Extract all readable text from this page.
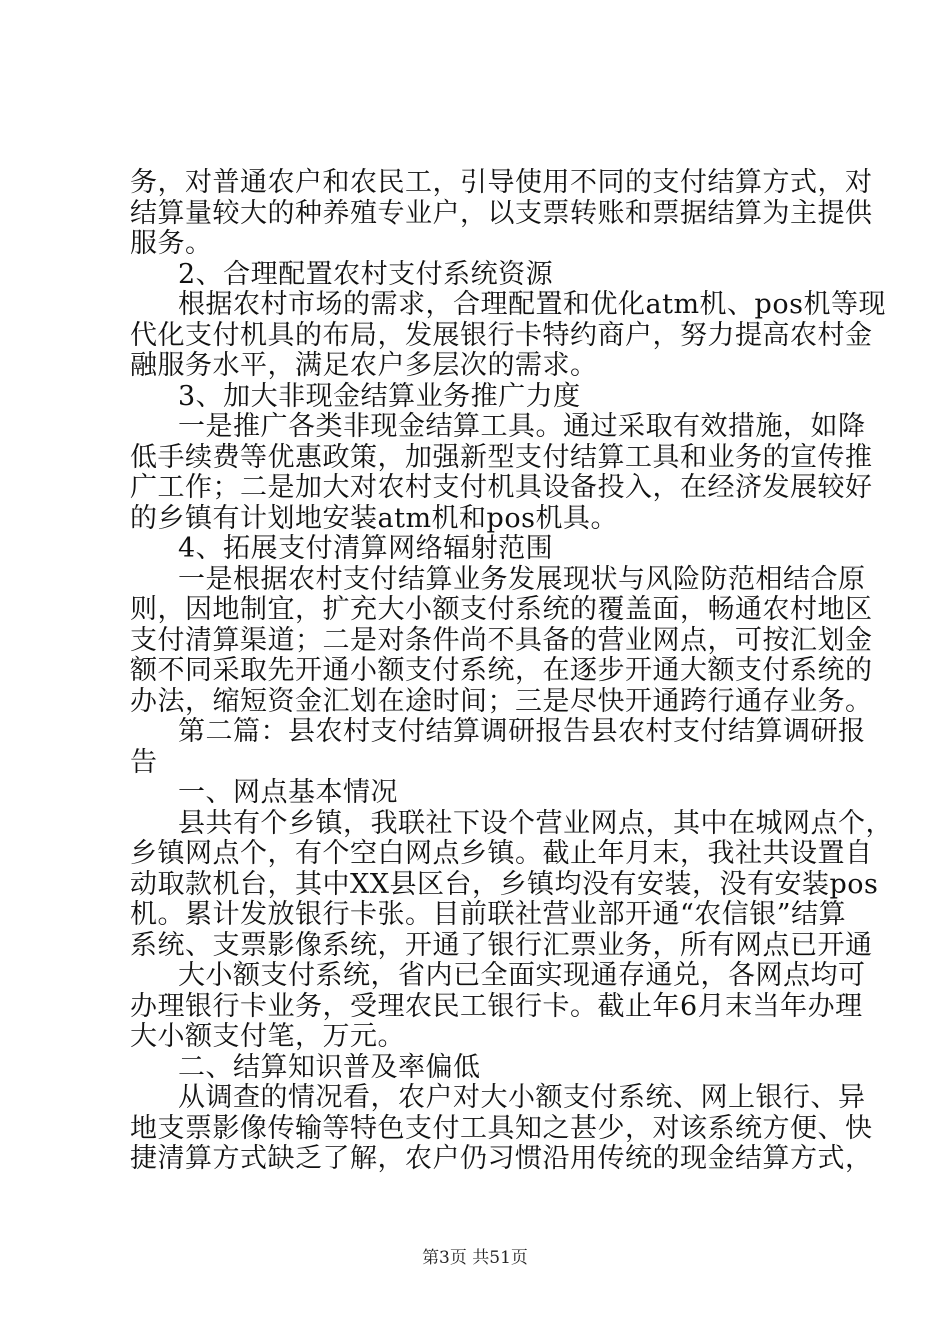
务，对普通农户和农民工，引导使用不同的支付结算方式，对
结算量较大的种养殖专业户，以支票转账和票据结算为主提供
服务。
2、合理配置农村支付系统资源
根据农村市场的需求，合理配置和优化atm机、pos机等现
代化支付机具的布局，发展银行卡特约商户，努力提高农村金
融服务水平，满足农户多层次的需求。
3、加大非现金结算业务推广力度
一是推广各类非现金结算工具。通过采取有效措施，如降
低手续费等优惠政策，加强新型支付结算工具和业务的宣传推
广工作；二是加大对农村支付机具设备投入，在经济发展较好
的乡镇有计划地安装atm机和pos机具。
4、拓展支付清算网络辐射范围
一是根据农村支付结算业务发展现状与风险防范相结合原
则，因地制宜，扩充大小额支付系统的覆盖面，畅通农村地区
支付清算渠道；二是对条件尚不具备的营业网点，可按汇划金
额不同采取先开通小额支付系统，在逐步开通大额支付系统的
办法，缩短资金汇划在途时间；三是尽快开通跨行通存业务。
第二篇：县农村支付结算调研报告县农村支付结算调研报
告
一、网点基本情况
县共有个乡镇，我联社下设个营业网点，其中在城网点个，
乡镇网点个，有个空白网点乡镇。截止年月末，我社共设置自
动取款机台，其中XX县区台，乡镇均没有安装，没有安装pos
机。累计发放银行卡张。目前联社营业部开通“农信银”结算
系统、支票影像系统，开通了银行汇票业务，所有网点已开通
大小额支付系统，省内已全面实现通存通兑，各网点均可
办理银行卡业务，受理农民工银行卡。截止年6月末当年办理
大小额支付笔，万元。
二、结算知识普及率偏低
从调查的情况看，农户对大小额支付系统、网上银行、异
地支票影像传输等特色支付工具知之甚少，对该系统方便、快
捷清算方式缺乏了解，农户仍习惯沿用传统的现金结算方式，
第3页 共51页
